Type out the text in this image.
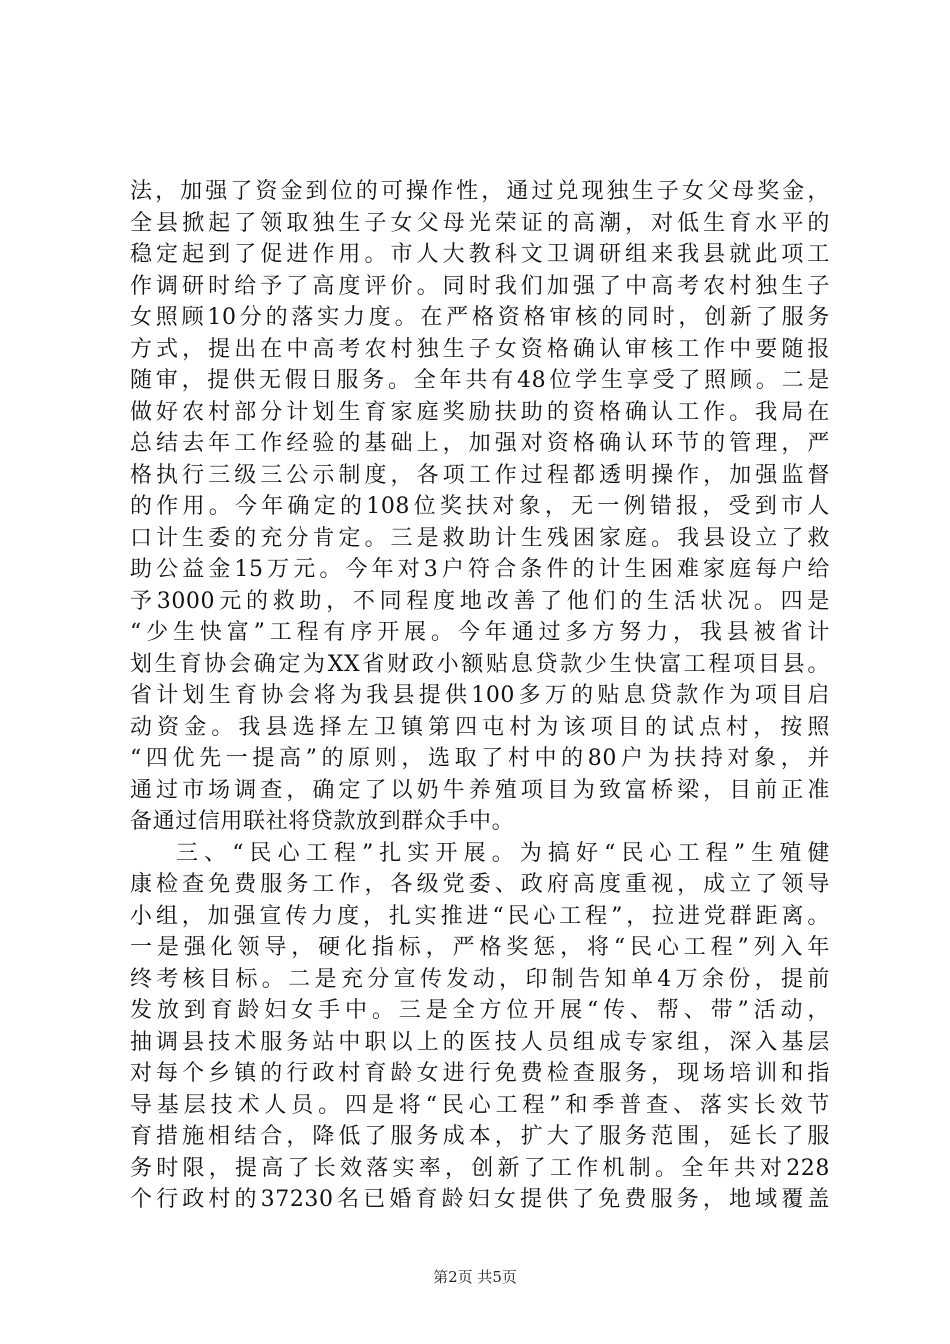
法，加强了资金到位的可操作性，通过兑现独生子女父母奖金，
全县掀起了领取独生子女父母光荣证的高潮，对低生育水平的
稳定起到了促进作用。市人大教科文卫调研组来我县就此项工
作调研时给予了高度评价。同时我们加强了中高考农村独生子
女照顾10分的落实力度。在严格资格审核的同时，创新了服务
方式，提出在中高考农村独生子女资格确认审核工作中要随报
随审，提供无假日服务。全年共有48位学生享受了照顾。二是
做好农村部分计划生育家庭奖励扶助的资格确认工作。我局在
总结去年工作经验的基础上，加强对资格确认环节的管理，严
格执行三级三公示制度，各项工作过程都透明操作，加强监督
的作用。今年确定的108位奖扶对象，无一例错报，受到市人
口计生委的充分肯定。三是救助计生残困家庭。我县设立了救
助公益金15万元。今年对3户符合条件的计生困难家庭每户给
予3000元的救助，不同程度地改善了他们的生活状况。四是
“少生快富”工程有序开展。今年通过多方努力，我县被省计
划生育协会确定为XX省财政小额贴息贷款少生快富工程项目县。
省计划生育协会将为我县提供100多万的贴息贷款作为项目启
动资金。我县选择左卫镇第四屯村为该项目的试点村，按照
“四优先一提高”的原则，选取了村中的80户为扶持对象，并
通过市场调查，确定了以奶牛养殖项目为致富桥梁，目前正准
备通过信用联社将贷款放到群众手中。
三、“民心工程”扎实开展。为搞好“民心工程”生殖健
康检查免费服务工作，各级党委、政府高度重视，成立了领导
小组，加强宣传力度，扎实推进“民心工程”，拉进党群距离。
一是强化领导，硬化指标，严格奖惩，将“民心工程”列入年
终考核目标。二是充分宣传发动，印制告知单4万余份，提前
发放到育龄妇女手中。三是全方位开展“传、帮、带”活动，
抽调县技术服务站中职以上的医技人员组成专家组，深入基层
对每个乡镇的行政村育龄女进行免费检查服务，现场培训和指
导基层技术人员。四是将“民心工程”和季普查、落实长效节
育措施相结合，降低了服务成本，扩大了服务范围，延长了服
务时限，提高了长效落实率，创新了工作机制。全年共对228
个行政村的37230名已婚育龄妇女提供了免费服务，地域覆盖
第2页 共5页
